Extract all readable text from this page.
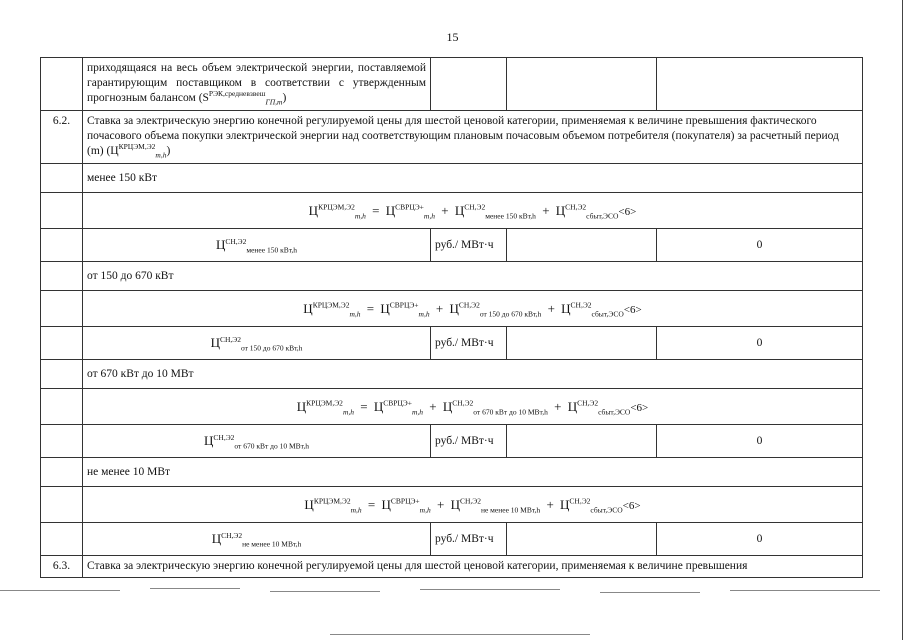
15
	приходящаяся на весь объем электрической энергии, поставляемой гарантирующим поставщиком в соответствии с утвержденным прогнозным балансом $(S^{РЭК,средневзвеш}_{ГП,m})$			
6.2.	Ставка за электрическую энергию конечной регулируемой цены для шестой ценовой категории, применяемая к величине превышения фактического почасового объема покупки электрической энергии над соответствующим плановым почасовым объемом потребителя (покупателя) за расчетный период (m) $(Ц^{КРЦЭМ,Э2}_{m,h})$			
	менее 150 кВт			
	$Ц^{КРЦЭМ,Э2}_{m,h} = Ц^{СВРЦЭ+}_{m,h} + Ц^{СН,Э2}_{менее 150 кВт,h} + Ц^{СН,Э2}_{сбыт,ЭСО}<6>$			
	$Ц^{СН,Э2}_{менее 150 кВт,h}$	руб./ МВт·ч		0
	от 150 до 670 кВт			
	$Ц^{КРЦЭМ,Э2}_{m,h} = Ц^{СВРЦЭ+}_{m,h} + Ц^{СН,Э2}_{от 150 до 670 кВт,h} + Ц^{СН,Э2}_{сбыт,ЭСО}<6>$			
	$Ц^{СН,Э2}_{от 150 до 670 кВт,h}$	руб./ МВт·ч		0
	от 670 кВт до 10 МВт			
	$Ц^{КРЦЭМ,Э2}_{m,h} = Ц^{СВРЦЭ+}_{m,h} + Ц^{СН,Э2}_{от 670 кВт до 10 МВт,h} + Ц^{СН,Э2}_{сбыт,ЭСО}<6>$			
	$Ц^{СН,Э2}_{от 670 кВт до 10 МВт,h}$	руб./ МВт·ч		0
	не менее 10 МВт			
	$Ц^{КРЦЭМ,Э2}_{m,h} = Ц^{СВРЦЭ+}_{m,h} + Ц^{СН,Э2}_{не менее 10 МВт,h} + Ц^{СН,Э2}_{сбыт,ЭСО}<6>$			
	$Ц^{СН,Э2}_{не менее 10 МВт,h}$	руб./ МВт·ч		0
6.3.	Ставка за электрическую энергию конечной регулируемой цены для шестой ценовой категории, применяемая к величине превышения			
